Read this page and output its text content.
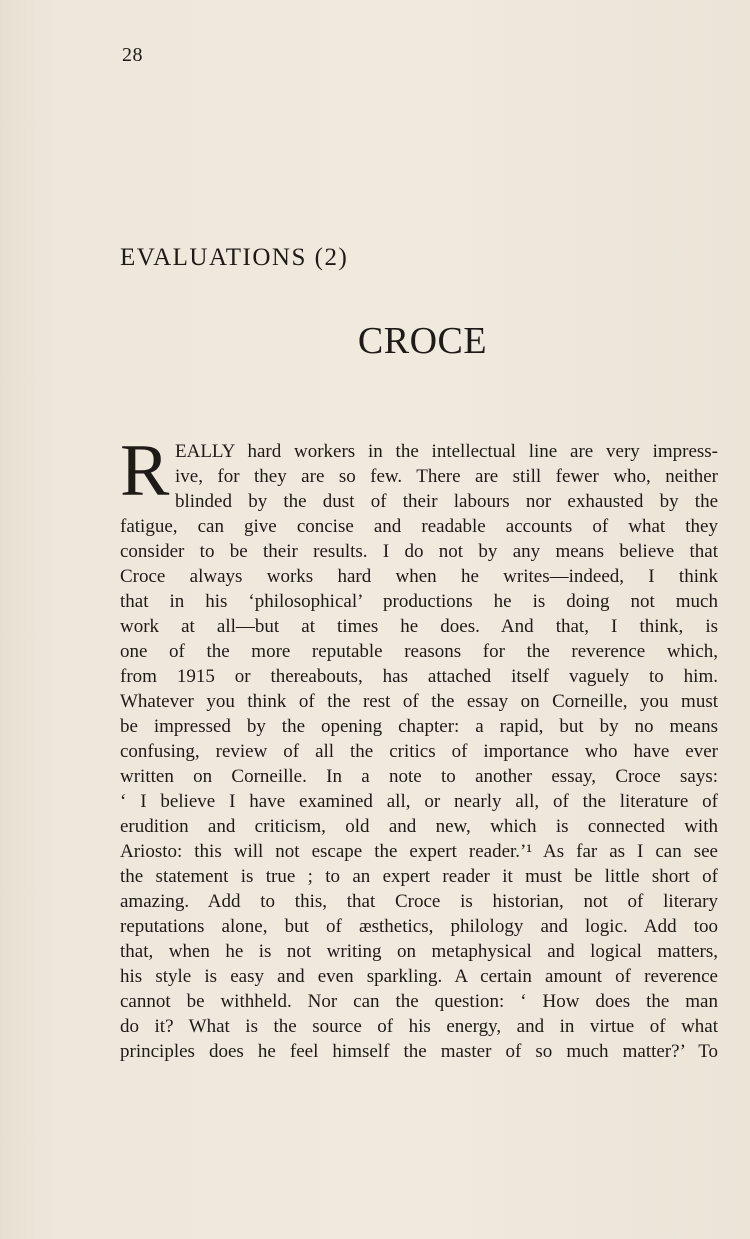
28
EVALUATIONS (2)
CROCE
R EALLY hard workers in the intellectual line are very impress-
ive, for they are so few. There are still fewer who, neither
blinded by the dust of their labours nor exhausted by the
fatigue, can give concise and readable accounts of what they
consider to be their results. I do not by any means believe that
Croce always works hard when he writes—indeed, I think
that in his ‘philosophical’ productions he is doing not much
work at all—but at times he does. And that, I think, is
one of the more reputable reasons for the reverence which,
from 1915 or thereabouts, has attached itself vaguely to him.
Whatever you think of the rest of the essay on Corneille, you must
be impressed by the opening chapter: a rapid, but by no means
confusing, review of all the critics of importance who have ever
written on Corneille. In a note to another essay, Croce says:
‘ I believe I have examined all, or nearly all, of the literature of
erudition and criticism, old and new, which is connected with
Ariosto: this will not escape the expert reader.’¹ As far as I can see
the statement is true ; to an expert reader it must be little short of
amazing. Add to this, that Croce is historian, not of literary
reputations alone, but of æsthetics, philology and logic. Add too
that, when he is not writing on metaphysical and logical matters,
his style is easy and even sparkling. A certain amount of reverence
cannot be withheld. Nor can the question: ‘ How does the man
do it? What is the source of his energy, and in virtue of what
principles does he feel himself the master of so much matter?’ To
